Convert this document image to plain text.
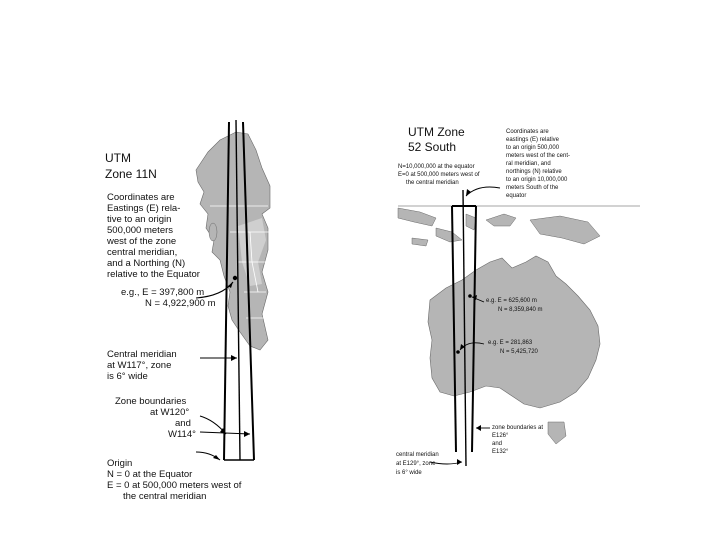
UTM
Zone 11N
Coordinates are
Eastings (E) rela-
tive to an origin
500,000 meters
west of the zone
central meridian,
and a Northing (N)
relative to the Equator
e.g., E = 397,800 m
N = 4,922,900 m
Central meridian
at W117°, zone
is 6° wide
Zone boundaries
at W120°
and
W114°
Origin
N = 0 at the Equator
E = 0 at 500,000 meters west of
the central meridian
UTM Zone
52 South
Coordinates are
eastings (E) relative
to an origin 500,000
meters west of the cent-
ral meridian, and
northings (N) relative
to an origin 10,000,000
meters South of the
equator
N=10,000,000 at the equator
E=0 at 500,000 meters west of
the central meridian
e.g. E = 625,600 m
N = 8,359,840 m
e.g. E = 281,863
N = 5,425,720
zone boundaries at
E126°
and
E132°
central meridian
at E129°, zone
is 6° wide
